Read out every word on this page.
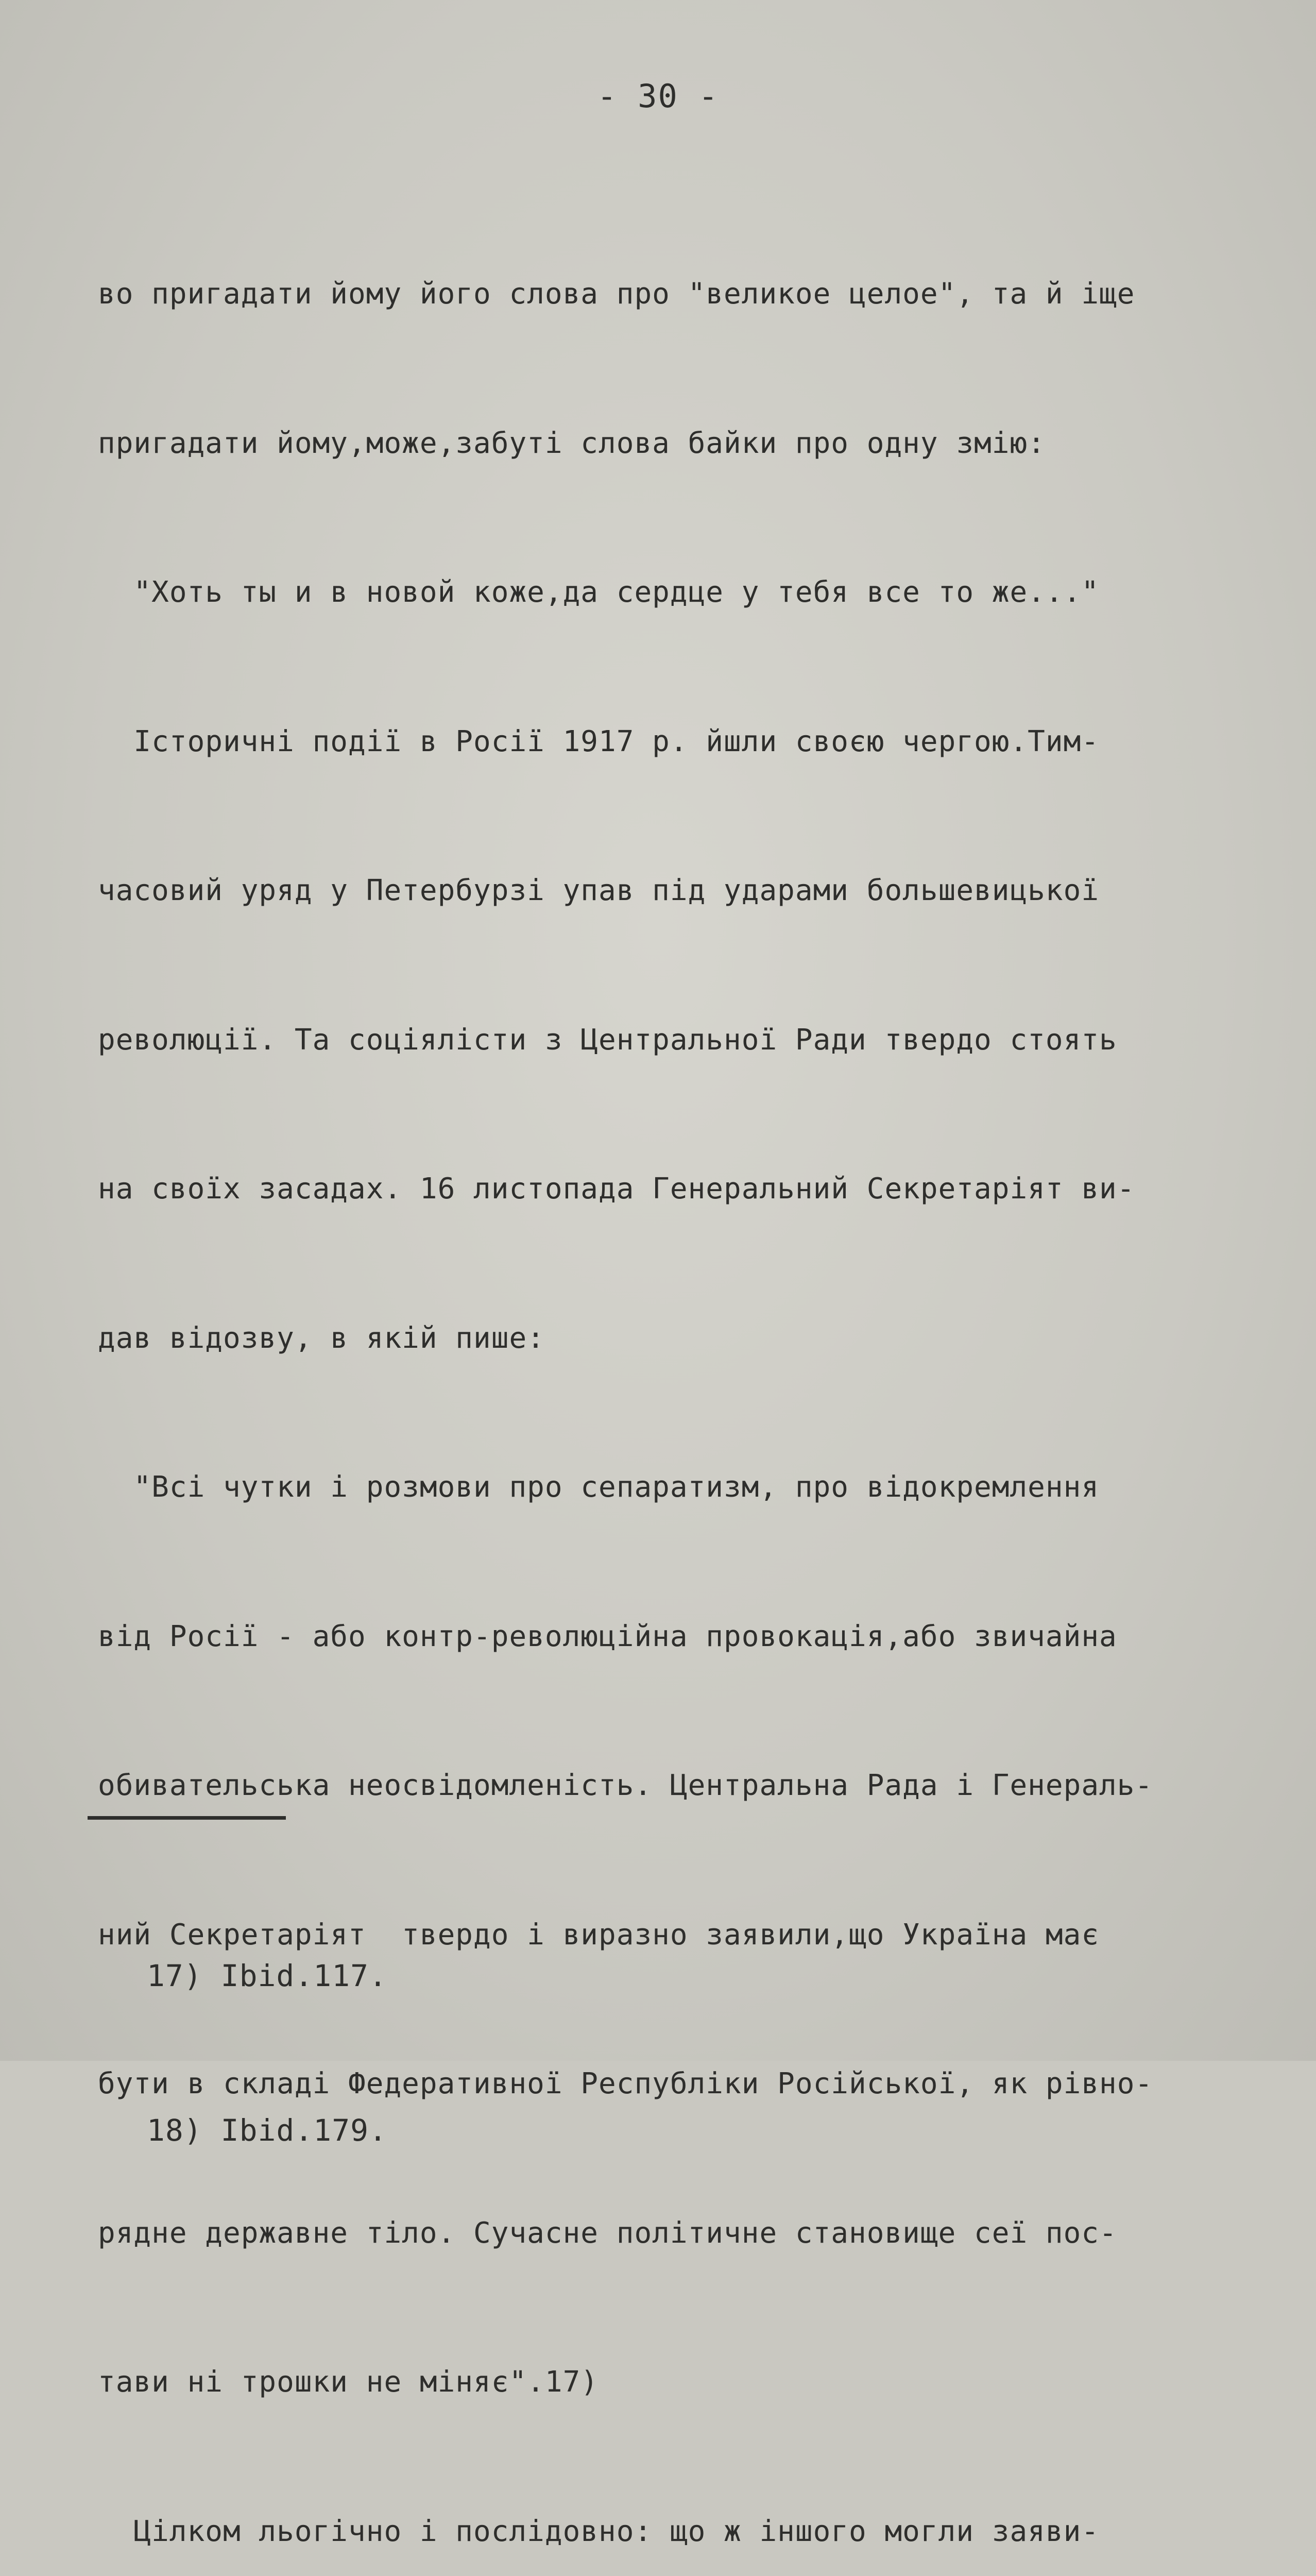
- 30 -

во пригадати йому його слова про "великое целое", та й іще

пригадати йому,може,забуті слова байки про одну змію:

"Хоть ты и в новой коже,да сердце у тебя все то же..."

Історичні події в Росії 1917 р. йшли своєю чергою.Тим-

часовий уряд у Петербурзі упав під ударами большевицької

революції. Та соціялісти з Центральної Ради твердо стоять

на своїх засадах. 16 листопада Генеральний Секретаріят ви-

дав відозву, в якій пише:

"Всі чутки і розмови про сепаратизм, про відокремлення

від Росії - або контр-революційна провокація,або звичайна

обивательська неосвідомленість. Центральна Рада і Генераль-

ний Секретаріят  твердо і виразно заявили,що Україна має

бути в складі Федеративної Республіки Російської, як рівно-

рядне державне тіло. Сучасне політичне становище сеї пос-

тави ні трошки не міняє".17)

Цілком льогічно і послідовно: що ж іншого могли заяви-

17) Ibid.117.

18) Ibid.179.
